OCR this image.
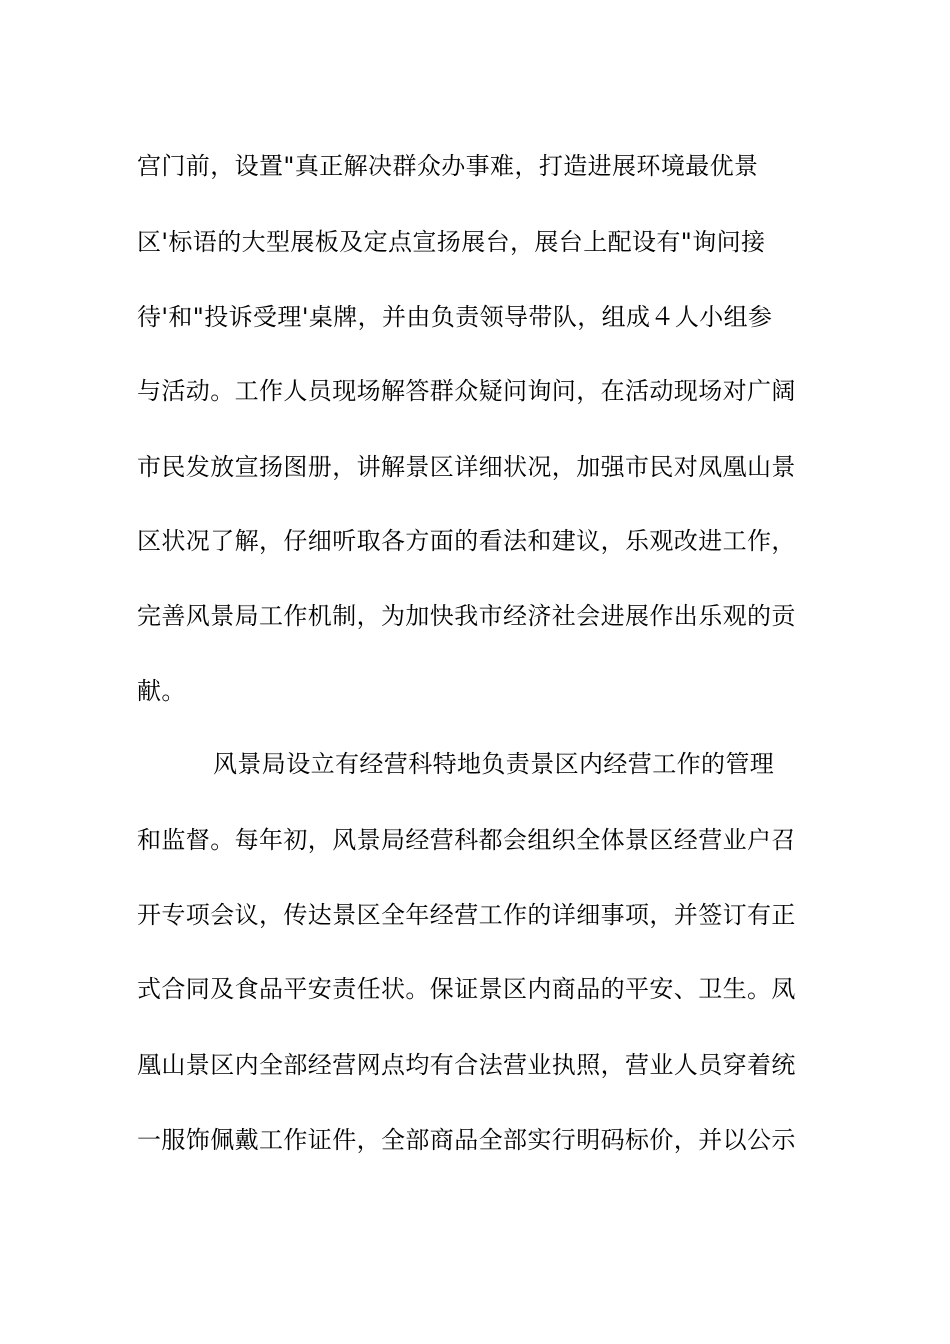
宫门前，设置"真正解决群众办事难，打造进展环境最优景
区'标语的大型展板及定点宣扬展台，展台上配设有"询问接
待'和"投诉受理'桌牌，并由负责领导带队，组成４人小组参
与活动。工作人员现场解答群众疑问询问，在活动现场对广阔
市民发放宣扬图册，讲解景区详细状况，加强市民对凤凰山景
区状况了解，仔细听取各方面的看法和建议，乐观改进工作，
完善风景局工作机制，为加快我市经济社会进展作出乐观的贡
献。
风景局设立有经营科特地负责景区内经营工作的管理
和监督。每年初，风景局经营科都会组织全体景区经营业户召
开专项会议，传达景区全年经营工作的详细事项，并签订有正
式合同及食品平安责任状。保证景区内商品的平安、卫生。凤
凰山景区内全部经营网点均有合法营业执照，营业人员穿着统
一服饰佩戴工作证件，全部商品全部实行明码标价，并以公示
